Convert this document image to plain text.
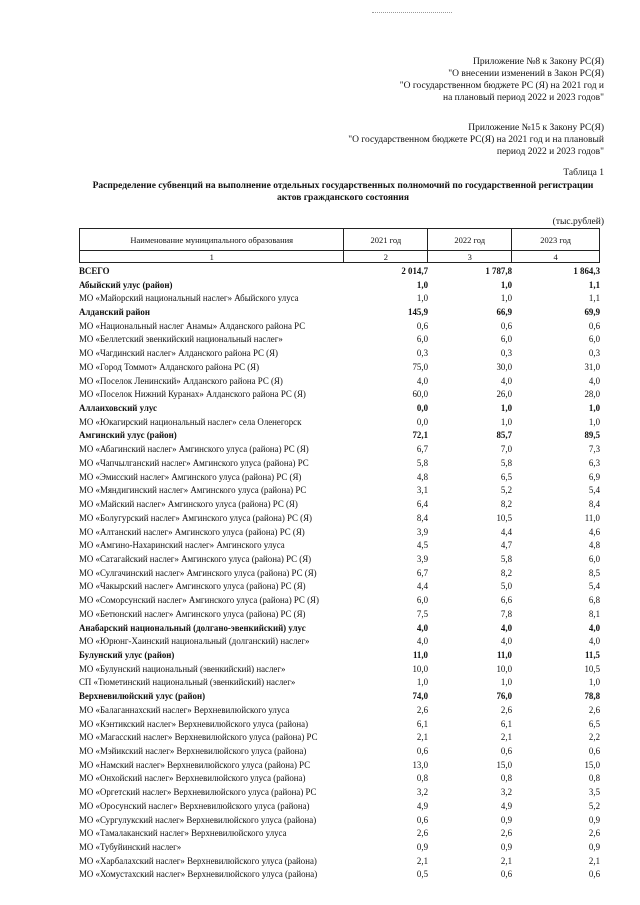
Приложение №8 к Закону РС(Я)
"О внесении изменений в Закон РС(Я)
"О государственном бюджете РС (Я) на 2021 год и
на плановый период 2022 и 2023 годов"
Приложение №15 к Закону РС(Я)
"О государственном бюджете РС(Я) на 2021 год и на плановый
период 2022 и 2023 годов"
Таблица 1
Распределение субвенций на выполнение отдельных государственных полномочий по государственной регистрации
актов гражданского состояния
(тыс.рублей)
Наименование муниципального образования	2021 год	2022 год	2023 год
1	2	3	4
ВСЕГО	2 014,7	1 787,8	1 864,3
Абыйский улус (район)	1,0	1,0	1,1
МО «Майорский национальный наслег» Абыйского улуса	1,0	1,0	1,1
Алданский район	145,9	66,9	69,9
МО «Национальный наслег Анамы» Алданского района РС	0,6	0,6	0,6
МО «Беллетский эвенкийский национальный наслег»	6,0	6,0	6,0
МО «Чагдинский наслег» Алданского района РС (Я)	0,3	0,3	0,3
МО «Город Томмот» Алданского района РС (Я)	75,0	30,0	31,0
МО «Поселок Ленинский» Алданского района РС (Я)	4,0	4,0	4,0
МО «Поселок Нижний Куранах» Алданского района РС (Я)	60,0	26,0	28,0
Аллаиховский улус	0,0	1,0	1,0
МО «Юкагирский национальный наслег» села Оленегорск	0,0	1,0	1,0
Амгинский улус (район)	72,1	85,7	89,5
МО «Абагинский наслег» Амгинского улуса (района) РС (Я)	6,7	7,0	7,3
МО «Чапчылганский наслег» Амгинского улуса (района) РС	5,8	5,8	6,3
МО «Эмисский наслег» Амгинского улуса (района) РС (Я)	4,8	6,5	6,9
МО «Мяндигинский наслег» Амгинского улуса (района) РС	3,1	5,2	5,4
МО «Майский наслег» Амгинского улуса (района) РС (Я)	6,4	8,2	8,4
МО «Болугурский наслег» Амгинского улуса (района) РС (Я)	8,4	10,5	11,0
МО «Алтанский наслег» Амгинского улуса (района) РС (Я)	3,9	4,4	4,6
МО «Амгино-Нахаринский наслег» Амгинского улуса	4,5	4,7	4,8
МО «Сатагайский наслег» Амгинского улуса (района) РС (Я)	3,9	5,8	6,0
МО «Сулгачинский наслег» Амгинского улуса (района) РС (Я)	6,7	8,2	8,5
МО «Чакырский наслег» Амгинского улуса (района) РС (Я)	4,4	5,0	5,4
МО «Соморсунский наслег» Амгинского улуса (района) РС (Я)	6,0	6,6	6,8
МО «Бетюнский наслег» Амгинского улуса (района) РС (Я)	7,5	7,8	8,1
Анабарский национальный (долгано-эвенкийский) улус	4,0	4,0	4,0
МО «Юрюнг-Хаинский национальный (долганский) наслег»	4,0	4,0	4,0
Булунский улус (район)	11,0	11,0	11,5
МО «Булунский национальный (эвенкийский) наслег»	10,0	10,0	10,5
СП «Тюметинский национальный (эвенкийский) наслег»	1,0	1,0	1,0
Верхневилюйский улус (район)	74,0	76,0	78,8
МО «Балаганнахский наслег» Верхневилюйского улуса	2,6	2,6	2,6
МО «Кэнтикский наслег» Верхневилюйского улуса (района)	6,1	6,1	6,5
МО «Магасский наслег» Верхневилюйского улуса (района) РС	2,1	2,1	2,2
МО «Мэйикский наслег» Верхневилюйского улуса (района)	0,6	0,6	0,6
МО «Намский наслег» Верхневилюйского улуса (района) РС	13,0	15,0	15,0
МО «Онхойский наслег» Верхневилюйского улуса (района)	0,8	0,8	0,8
МО «Оргетский наслег» Верхневилюйского улуса (района) РС	3,2	3,2	3,5
МО «Оросунский наслег» Верхневилюйского улуса (района)	4,9	4,9	5,2
МО «Сургулукский наслег» Верхневилюйского улуса (района)	0,6	0,9	0,9
МО «Тамалаканский наслег» Верхневилюйского улуса	2,6	2,6	2,6
МО «Тубуйинский наслег»	0,9	0,9	0,9
МО «Харбалахский наслег» Верхневилюйского улуса (района)	2,1	2,1	2,1
МО «Хомустахский наслег» Верхневилюйского улуса (района)	0,5	0,6	0,6
